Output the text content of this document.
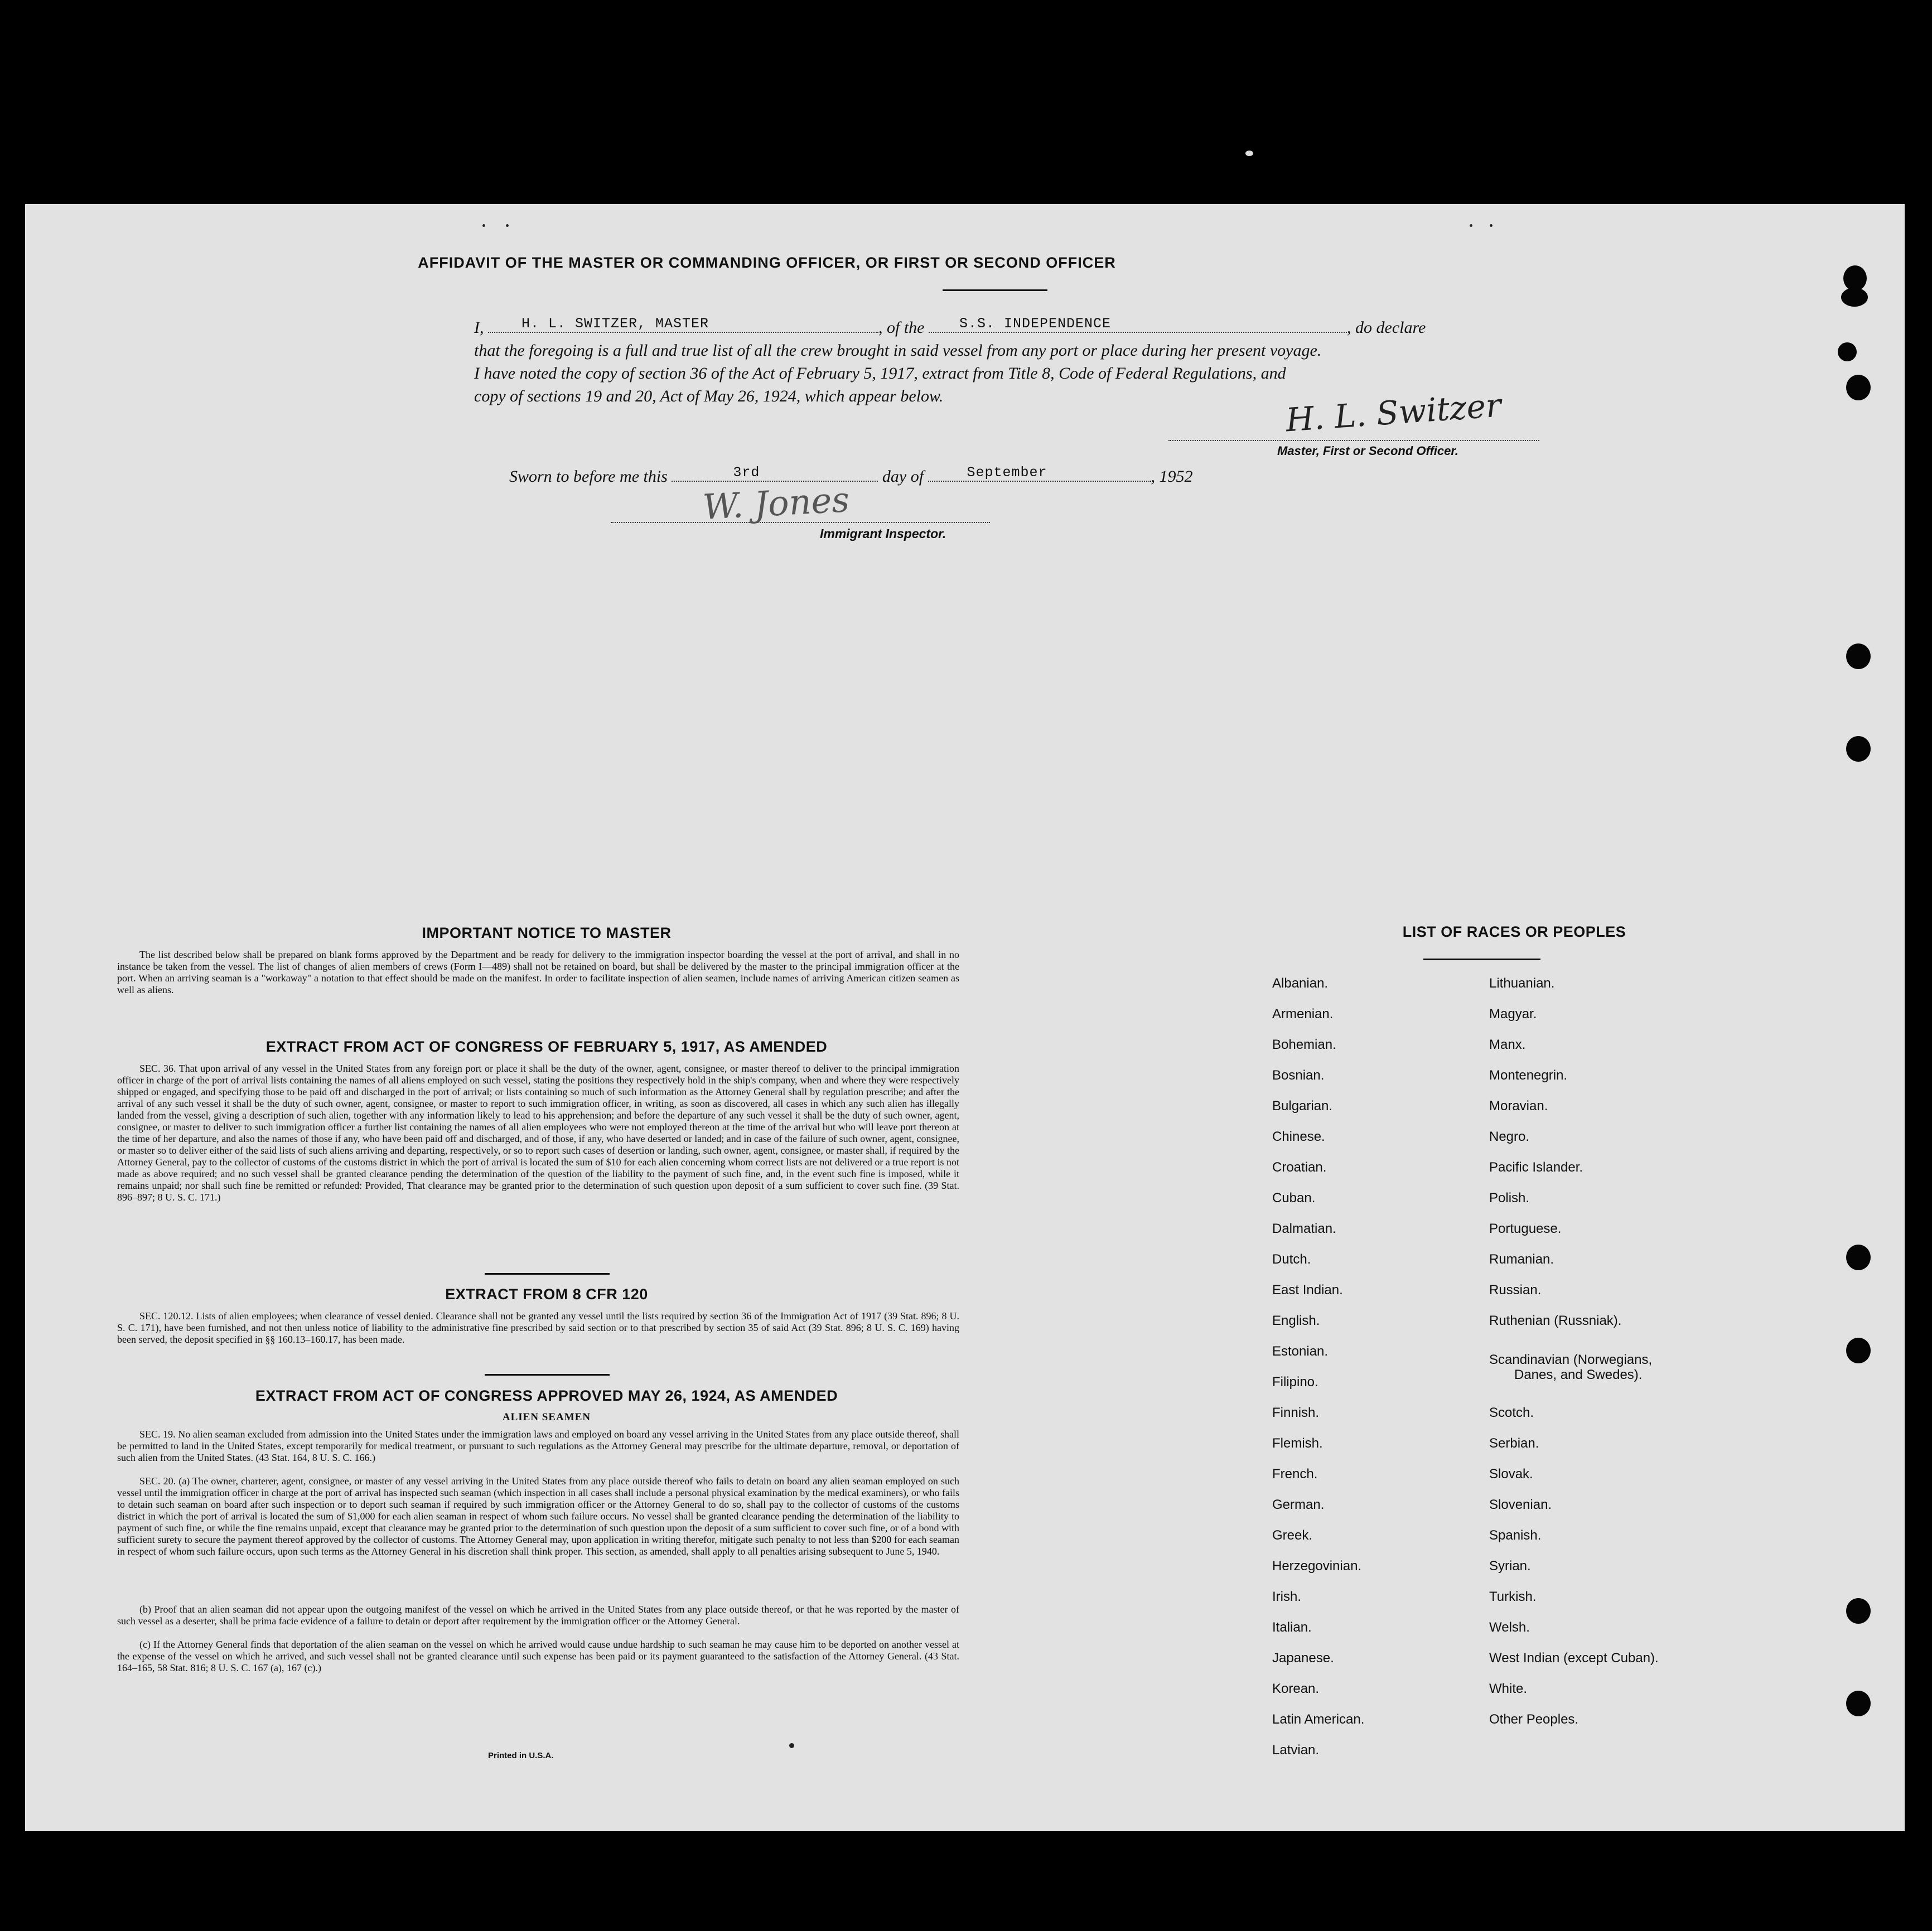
AFFIDAVIT OF THE MASTER OR COMMANDING OFFICER, OR FIRST OR SECOND OFFICER
I,	H. L. SWITZER, MASTER	, of the	S.S. INDEPENDENCE	, do declare
that the foregoing is a full and true list of all the crew brought in said vessel from any port or place during her present voyage.
I have noted the copy of section 36 of the Act of February 5, 1917, extract from Title 8, Code of Federal Regulations, and
copy of sections 19 and 20, Act of May 26, 1924, which appear below.	H. L. Switzer
Master, First or Second Officer.
Sworn to before me this	3rd	day of	September	, 1952
W. Jones
Immigrant Inspector.
IMPORTANT NOTICE TO MASTER
The list described below shall be prepared on blank forms approved by the Department and be ready for delivery to the immigration inspector boarding the vessel at the port of arrival, and shall in no instance be taken from the vessel. The list of changes of alien members of crews (Form I—489) shall not be retained on board, but shall be delivered by the master to the principal immigration officer at the port. When an arriving seaman is a "workaway" a notation to that effect should be made on the manifest. In order to facilitate inspection of alien seamen, include names of arriving American citizen seamen as well as aliens.
EXTRACT FROM ACT OF CONGRESS OF FEBRUARY 5, 1917, AS AMENDED
SEC. 36. That upon arrival of any vessel in the United States from any foreign port or place it shall be the duty of the owner, agent, consignee, or master thereof to deliver to the principal immigration officer in charge of the port of arrival lists containing the names of all aliens employed on such vessel, stating the positions they respectively hold in the ship's company, when and where they were respectively shipped or engaged, and specifying those to be paid off and discharged in the port of arrival; or lists containing so much of such information as the Attorney General shall by regulation prescribe; and after the arrival of any such vessel it shall be the duty of such owner, agent, consignee, or master to report to such immigration officer, in writing, as soon as discovered, all cases in which any such alien has illegally landed from the vessel, giving a description of such alien, together with any information likely to lead to his apprehension; and before the departure of any such vessel it shall be the duty of such owner, agent, consignee, or master to deliver to such immigration officer a further list containing the names of all alien employees who were not employed thereon at the time of the arrival but who will leave port thereon at the time of her departure, and also the names of those if any, who have been paid off and discharged, and of those, if any, who have deserted or landed; and in case of the failure of such owner, agent, consignee, or master so to deliver either of the said lists of such aliens arriving and departing, respectively, or so to report such cases of desertion or landing, such owner, agent, consignee, or master shall, if required by the Attorney General, pay to the collector of customs of the customs district in which the port of arrival is located the sum of $10 for each alien concerning whom correct lists are not delivered or a true report is not made as above required; and no such vessel shall be granted clearance pending the determination of the question of the liability to the payment of such fine, and, in the event such fine is imposed, while it remains unpaid; nor shall such fine be remitted or refunded: Provided, That clearance may be granted prior to the determination of such question upon deposit of a sum sufficient to cover such fine. (39 Stat. 896–897; 8 U. S. C. 171.)
EXTRACT FROM 8 CFR 120
SEC. 120.12. Lists of alien employees; when clearance of vessel denied. Clearance shall not be granted any vessel until the lists required by section 36 of the Immigration Act of 1917 (39 Stat. 896; 8 U. S. C. 171), have been furnished, and not then unless notice of liability to the administrative fine prescribed by said section or to that prescribed by section 35 of said Act (39 Stat. 896; 8 U. S. C. 169) having been served, the deposit specified in §§ 160.13–160.17, has been made.
EXTRACT FROM ACT OF CONGRESS APPROVED MAY 26, 1924, AS AMENDED
ALIEN SEAMEN
SEC. 19. No alien seaman excluded from admission into the United States under the immigration laws and employed on board any vessel arriving in the United States from any place outside thereof, shall be permitted to land in the United States, except temporarily for medical treatment, or pursuant to such regulations as the Attorney General may prescribe for the ultimate departure, removal, or deportation of such alien from the United States. (43 Stat. 164, 8 U. S. C. 166.)
SEC. 20. (a) The owner, charterer, agent, consignee, or master of any vessel arriving in the United States from any place outside thereof who fails to detain on board any alien seaman employed on such vessel until the immigration officer in charge at the port of arrival has inspected such seaman (which inspection in all cases shall include a personal physical examination by the medical examiners), or who fails to detain such seaman on board after such inspection or to deport such seaman if required by such immigration officer or the Attorney General to do so, shall pay to the collector of customs of the customs district in which the port of arrival is located the sum of $1,000 for each alien seaman in respect of whom such failure occurs. No vessel shall be granted clearance pending the determination of the liability to payment of such fine, or while the fine remains unpaid, except that clearance may be granted prior to the determination of such question upon the deposit of a sum sufficient to cover such fine, or of a bond with sufficient surety to secure the payment thereof approved by the collector of customs. The Attorney General may, upon application in writing therefor, mitigate such penalty to not less than $200 for each seaman in respect of whom such failure occurs, upon such terms as the Attorney General in his discretion shall think proper. This section, as amended, shall apply to all penalties arising subsequent to June 5, 1940.
(b) Proof that an alien seaman did not appear upon the outgoing manifest of the vessel on which he arrived in the United States from any place outside thereof, or that he was reported by the master of such vessel as a deserter, shall be prima facie evidence of a failure to detain or deport after requirement by the immigration officer or the Attorney General.
(c) If the Attorney General finds that deportation of the alien seaman on the vessel on which he arrived would cause undue hardship to such seaman he may cause him to be deported on another vessel at the expense of the vessel on which he arrived, and such vessel shall not be granted clearance until such expense has been paid or its payment guaranteed to the satisfaction of the Attorney General. (43 Stat. 164–165, 58 Stat. 816; 8 U. S. C. 167 (a), 167 (c).)
Printed in U.S.A.
LIST OF RACES OR PEOPLES
Albanian.
Armenian.
Bohemian.
Bosnian.
Bulgarian.
Chinese.
Croatian.
Cuban.
Dalmatian.
Dutch.
East Indian.
English.
Estonian.
Filipino.
Finnish.
Flemish.
French.
German.
Greek.
Herzegovinian.
Irish.
Italian.
Japanese.
Korean.
Latin American.
Latvian.
Lithuanian.
Magyar.
Manx.
Montenegrin.
Moravian.
Negro.
Pacific Islander.
Polish.
Portuguese.
Rumanian.
Russian.
Ruthenian (Russniak).
Scandinavian (Norwegians,
Danes, and Swedes).
Scotch.
Serbian.
Slovak.
Slovenian.
Spanish.
Syrian.
Turkish.
Welsh.
West Indian (except Cuban).
White.
Other Peoples.
